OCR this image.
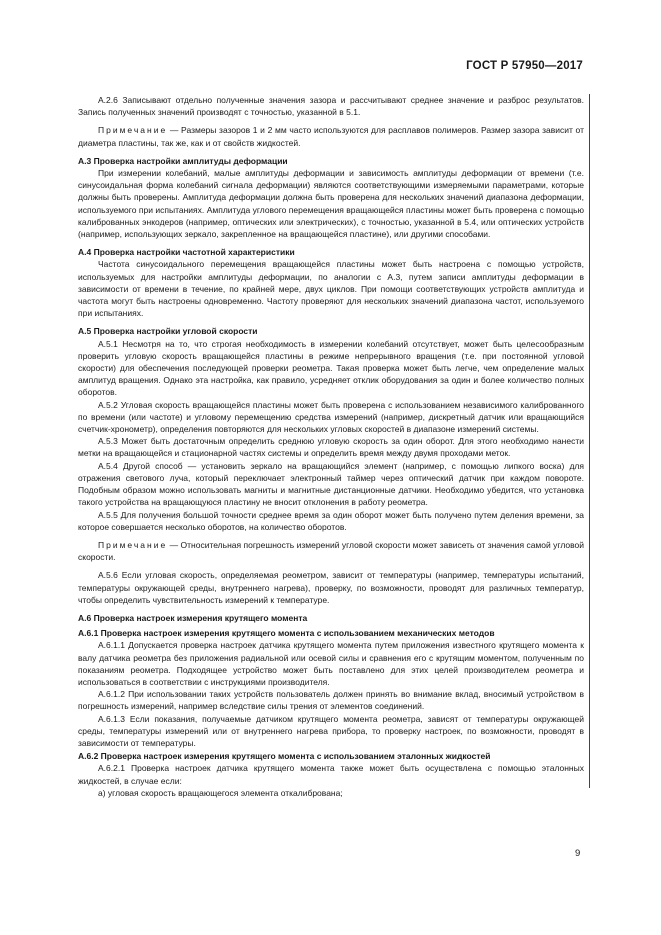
ГОСТ Р 57950—2017

А.2.6 Записывают отдельно полученные значения зазора и рассчитывают среднее значение и разброс результатов. Запись полученных значений производят с точностью, указанной в 5.1.

Примечание — Размеры зазоров 1 и 2 мм часто используются для расплавов полимеров. Размер зазора зависит от диаметра пластины, так же, как и от свойств жидкостей.

А.3 Проверка настройки амплитуды деформации

При измерении колебаний, малые амплитуды деформации и зависимость амплитуды деформации от времени (т.е. синусоидальная форма колебаний сигнала деформации) являются соответствующими измеряемыми параметрами, которые должны быть проверены. Амплитуда деформации должна быть проверена для нескольких значений диапазона деформации, используемого при испытаниях. Амплитуда углового перемещения вращающейся пластины может быть проверена с помощью калиброванных энкодеров (например, оптических или электрических), с точностью, указанной в 5.4, или оптических устройств (например, использующих зеркало, закрепленное на вращающейся пластине), или другими способами.

А.4 Проверка настройки частотной характеристики

Частота синусоидального перемещения вращающейся пластины может быть настроена с помощью устройств, используемых для настройки амплитуды деформации, по аналогии с А.3, путем записи амплитуды деформации в зависимости от времени в течение, по крайней мере, двух циклов. При помощи соответствующих устройств амплитуда и частота могут быть настроены одновременно. Частоту проверяют для нескольких значений диапазона частот, используемого при испытаниях.

А.5 Проверка настройки угловой скорости

А.5.1 Несмотря на то, что строгая необходимость в измерении колебаний отсутствует, может быть целесообразным проверить угловую скорость вращающейся пластины в режиме непрерывного вращения (т.е. при постоянной угловой скорости) для обеспечения последующей проверки реометра. Такая проверка может быть легче, чем определение малых амплитуд вращения. Однако эта настройка, как правило, усредняет отклик оборудования за один и более количество полных оборотов.

А.5.2 Угловая скорость вращающейся пластины может быть проверена с использованием независимого калиброванного по времени (или частоте) и угловому перемещению средства измерений (например, дискретный датчик или вращающийся счетчик-хронометр), определения повторяются для нескольких угловых скоростей в диапазоне измерений системы.

А.5.3 Может быть достаточным определить среднюю угловую скорость за один оборот. Для этого необходимо нанести метки на вращающейся и стационарной частях системы и определить время между двумя проходами меток.

А.5.4 Другой способ — установить зеркало на вращающийся элемент (например, с помощью липкого воска) для отражения светового луча, который переключает электронный таймер через оптический датчик при каждом повороте. Подобным образом можно использовать магниты и магнитные дистанционные датчики. Необходимо убедится, что установка такого устройства на вращающуюся пластину не вносит отклонения в работу реометра.

А.5.5 Для получения большой точности среднее время за один оборот может быть получено путем деления времени, за которое совершается несколько оборотов, на количество оборотов.

Примечание — Относительная погрешность измерений угловой скорости может зависеть от значения самой угловой скорости.

А.5.6 Если угловая скорость, определяемая реометром, зависит от температуры (например, температуры испытаний, температуры окружающей среды, внутреннего нагрева), проверку, по возможности, проводят для различных температур, чтобы определить чувствительность измерений к температуре.

А.6 Проверка настроек измерения крутящего момента

А.6.1 Проверка настроек измерения крутящего момента с использованием механических методов

А.6.1.1 Допускается проверка настроек датчика крутящего момента путем приложения известного крутящего момента к валу датчика реометра без приложения радиальной или осевой силы и сравнения его с крутящим моментом, полученным по показаниям реометра. Подходящее устройство может быть поставлено для этих целей производителем реометра и использоваться в соответствии с инструкциями производителя.

А.6.1.2 При использовании таких устройств пользователь должен принять во внимание вклад, вносимый устройством в погрешность измерений, например вследствие силы трения от элементов соединений.

А.6.1.3 Если показания, получаемые датчиком крутящего момента реометра, зависят от температуры окружающей среды, температуры измерений или от внутреннего нагрева прибора, то проверку настроек, по возможности, проводят в зависимости от температуры.

А.6.2 Проверка настроек измерения крутящего момента с использованием эталонных жидкостей

А.6.2.1 Проверка настроек датчика крутящего момента также может быть осуществлена с помощью эталонных жидкостей, в случае если:

а) угловая скорость вращающегося элемента откалибрована;

9
